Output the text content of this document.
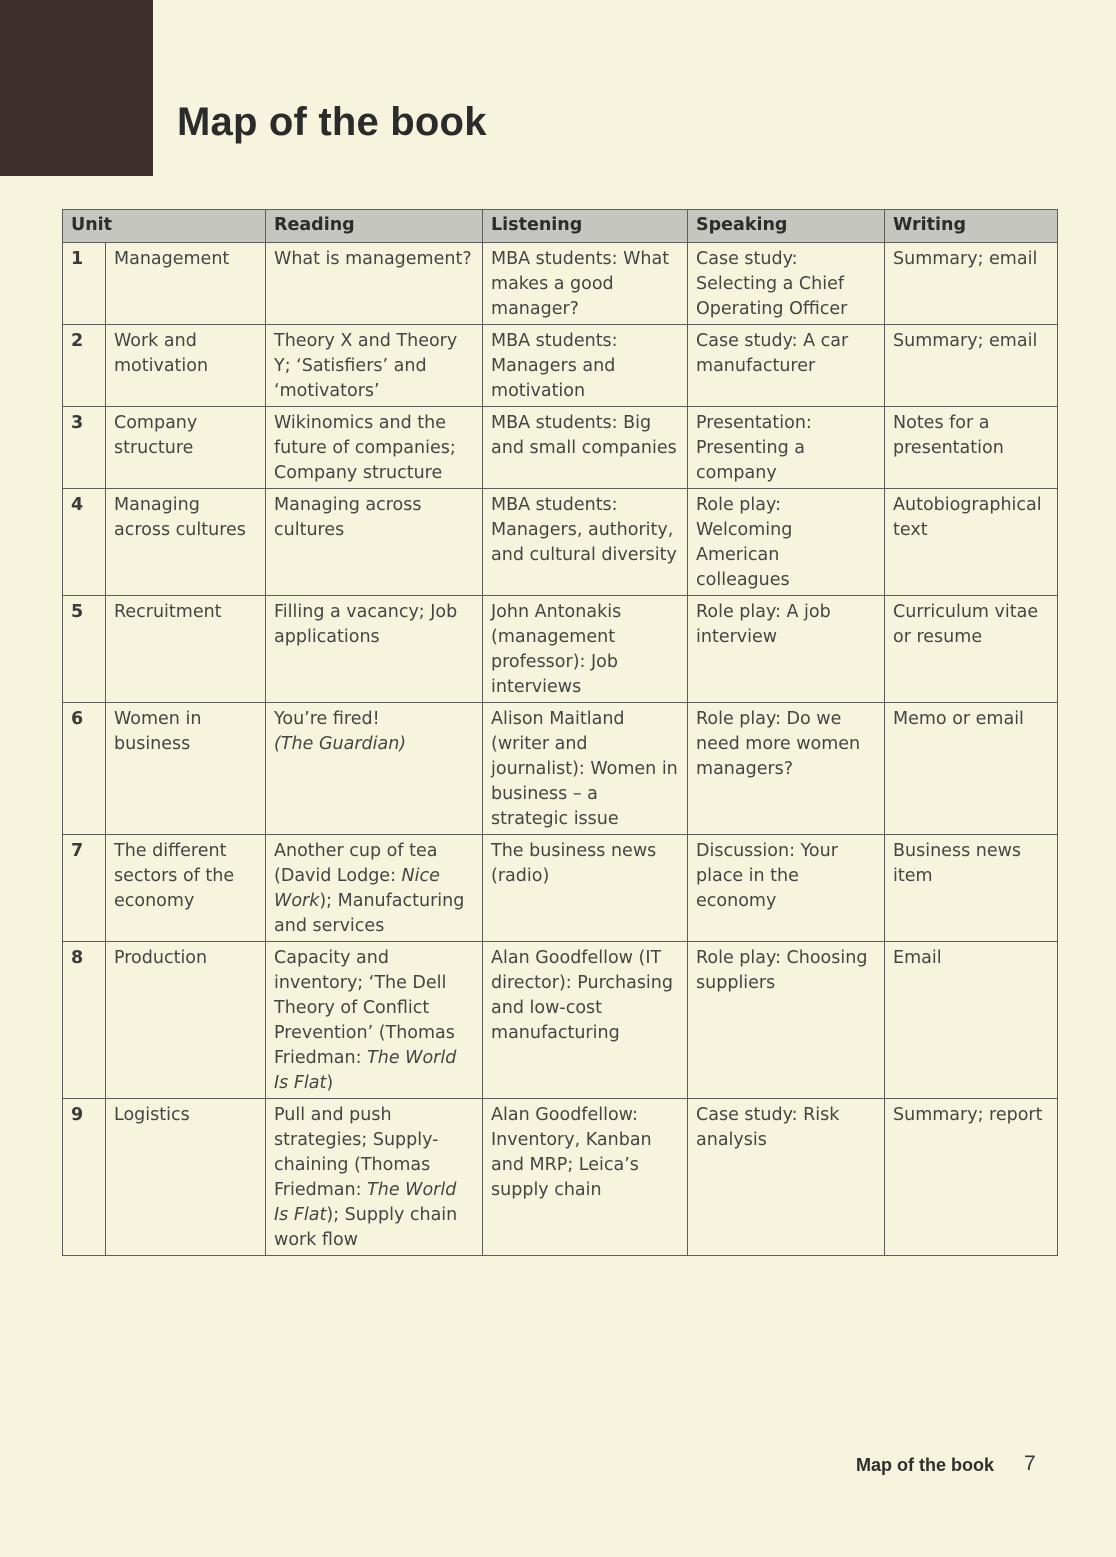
Map of the book
Unit		Reading	Listening	Speaking	Writing
1	Management	What is management?	MBA students: What makes a good manager?	Case study: Selecting a Chief Operating Officer	Summary; email
2	Work and motivation	Theory X and Theory Y; ‘Satisfiers’ and ‘motivators’	MBA students: Managers and motivation	Case study: A car manufacturer	Summary; email
3	Company structure	Wikinomics and the future of companies; Company structure	MBA students: Big and small companies	Presentation: Presenting a company	Notes for a presentation
4	Managing across cultures	Managing across cultures	MBA students: Managers, authority, and cultural diversity	Role play: Welcoming American colleagues	Autobiographical text
5	Recruitment	Filling a vacancy; Job applications	John Antonakis (management professor): Job interviews	Role play: A job interview	Curriculum vitae or resume
6	Women in business	You’re fired!
(The Guardian)	Alison Maitland (writer and journalist): Women in business – a strategic issue	Role play: Do we need more women managers?	Memo or email
7	The different sectors of the economy	Another cup of tea (David Lodge: Nice Work); Manufacturing and services	The business news (radio)	Discussion: Your place in the economy	Business news item
8	Production	Capacity and inventory; ‘The Dell Theory of Conflict Prevention’ (Thomas Friedman: The World Is Flat)	Alan Goodfellow (IT director): Purchasing and low-cost manufacturing	Role play: Choosing suppliers	Email
9	Logistics	Pull and push strategies; Supply-chaining (Thomas Friedman: The World Is Flat); Supply chain work flow	Alan Goodfellow: Inventory, Kanban and MRP; Leica’s supply chain	Case study: Risk analysis	Summary; report
Map of the book 7
